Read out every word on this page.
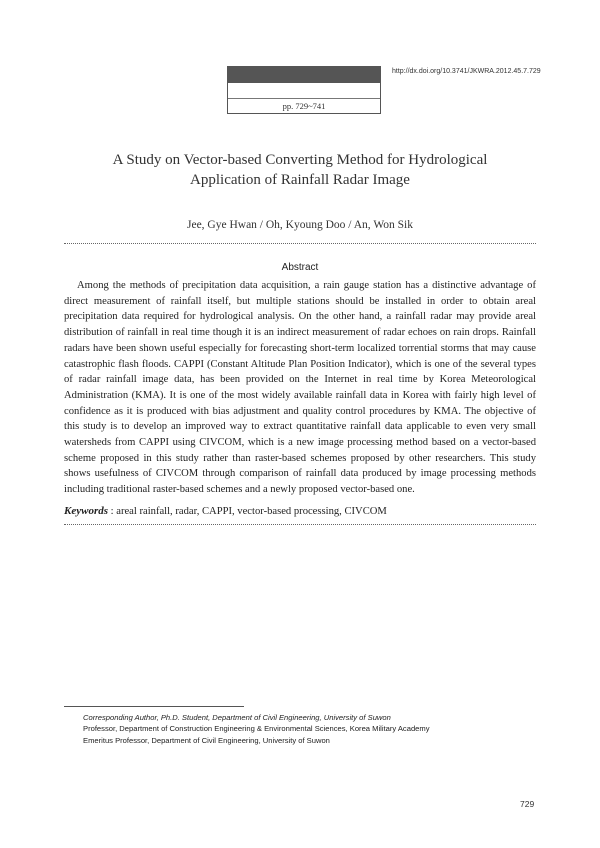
pp. 729~741
http://dx.doi.org/10.3741/JKWRA.2012.45.7.729
A Study on Vector-based Converting Method for Hydrological
Application of Rainfall Radar Image
Jee, Gye Hwan / Oh, Kyoung Doo / An, Won Sik
Abstract
Among the methods of precipitation data acquisition, a rain gauge station has a distinctive advantage of direct measurement of rainfall itself, but multiple stations should be installed in order to obtain areal precipitation data required for hydrological analysis. On the other hand, a rainfall radar may provide areal distribution of rainfall in real time though it is an indirect measurement of radar echoes on rain drops. Rainfall radars have been shown useful especially for forecasting short-term localized torrential storms that may cause catastrophic flash floods. CAPPI (Constant Altitude Plan Position Indicator), which is one of the several types of radar rainfall image data, has been provided on the Internet in real time by Korea Meteorological Administration (KMA). It is one of the most widely available rainfall data in Korea with fairly high level of confidence as it is produced with bias adjustment and quality control procedures by KMA. The objective of this study is to develop an improved way to extract quantitative rainfall data applicable to even very small watersheds from CAPPI using CIVCOM, which is a new image processing method based on a vector-based scheme proposed in this study rather than raster-based schemes proposed by other researchers. This study shows usefulness of CIVCOM through comparison of rainfall data produced by image processing methods including traditional raster-based schemes and a newly proposed vector-based one.
Keywords : areal rainfall, radar, CAPPI, vector-based processing, CIVCOM
Corresponding Author, Ph.D. Student, Department of Civil Engineering, University of Suwon
Professor, Department of Construction Engineering & Environmental Sciences, Korea Military Academy
Emeritus Professor, Department of Civil Engineering, University of Suwon
729
